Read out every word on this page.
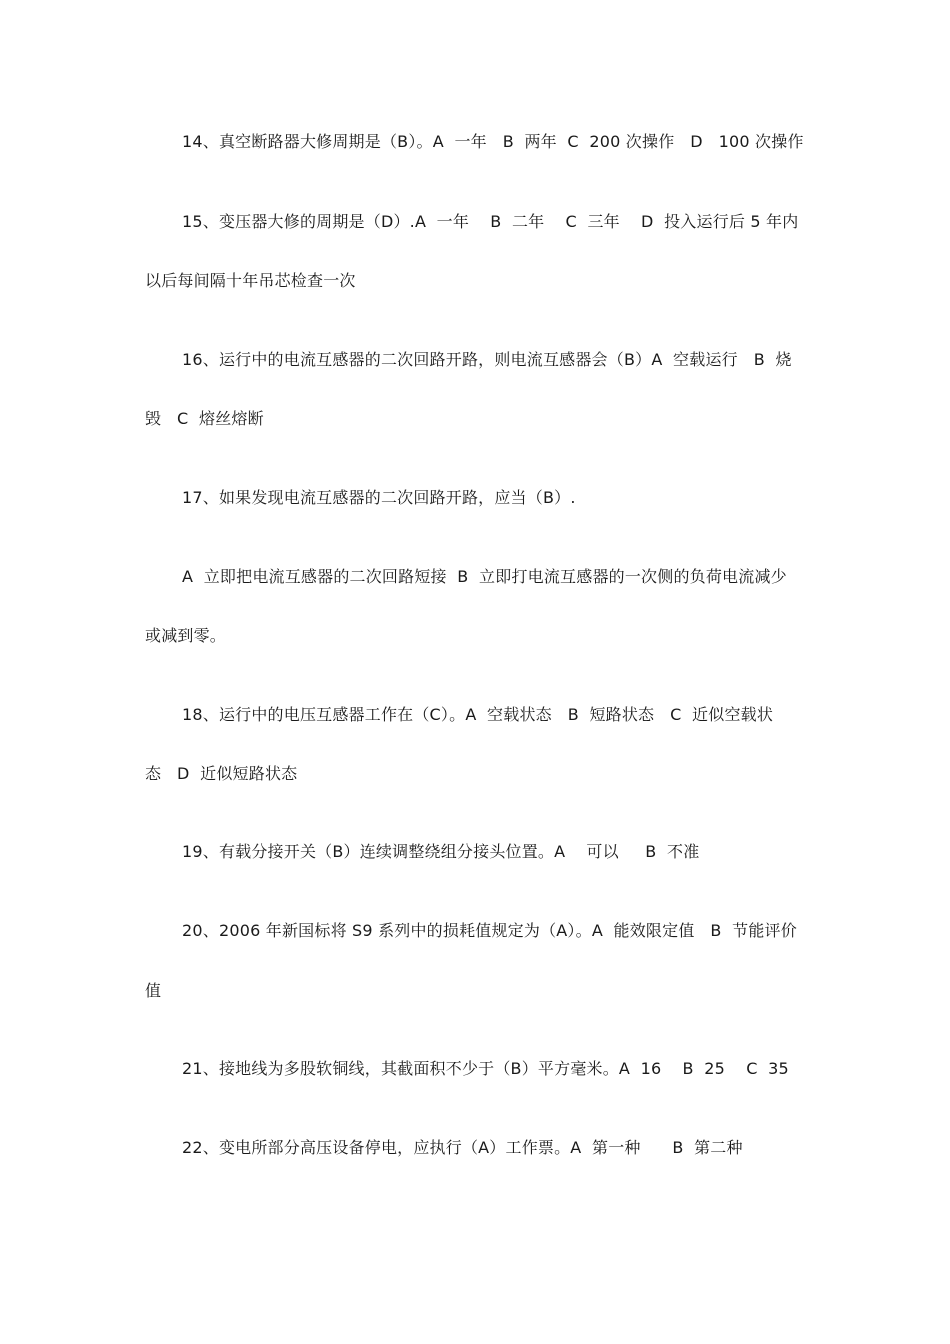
14、真空断路器大修周期是（B）。A  一年   B  两年  C  200 次操作   D   100 次操作
15、变压器大修的周期是（D）.A  一年    B  二年    C  三年    D  投入运行后 5 年内
以后每间隔十年吊芯检查一次
16、运行中的电流互感器的二次回路开路，则电流互感器会（B）A  空载运行   B  烧
毁   C  熔丝熔断
17、如果发现电流互感器的二次回路开路，应当（B）.
A  立即把电流互感器的二次回路短接  B  立即打电流互感器的一次侧的负荷电流减少
或减到零。
18、运行中的电压互感器工作在（C）。A  空载状态   B  短路状态   C  近似空载状
态   D  近似短路状态
19、有载分接开关（B）连续调整绕组分接头位置。A    可以     B  不准
20、2006 年新国标将 S9 系列中的损耗值规定为（A）。A  能效限定值   B  节能评价
值
21、接地线为多股软铜线，其截面积不少于（B）平方毫米。A  16    B  25    C  35
22、变电所部分高压设备停电，应执行（A）工作票。A  第一种      B  第二种
